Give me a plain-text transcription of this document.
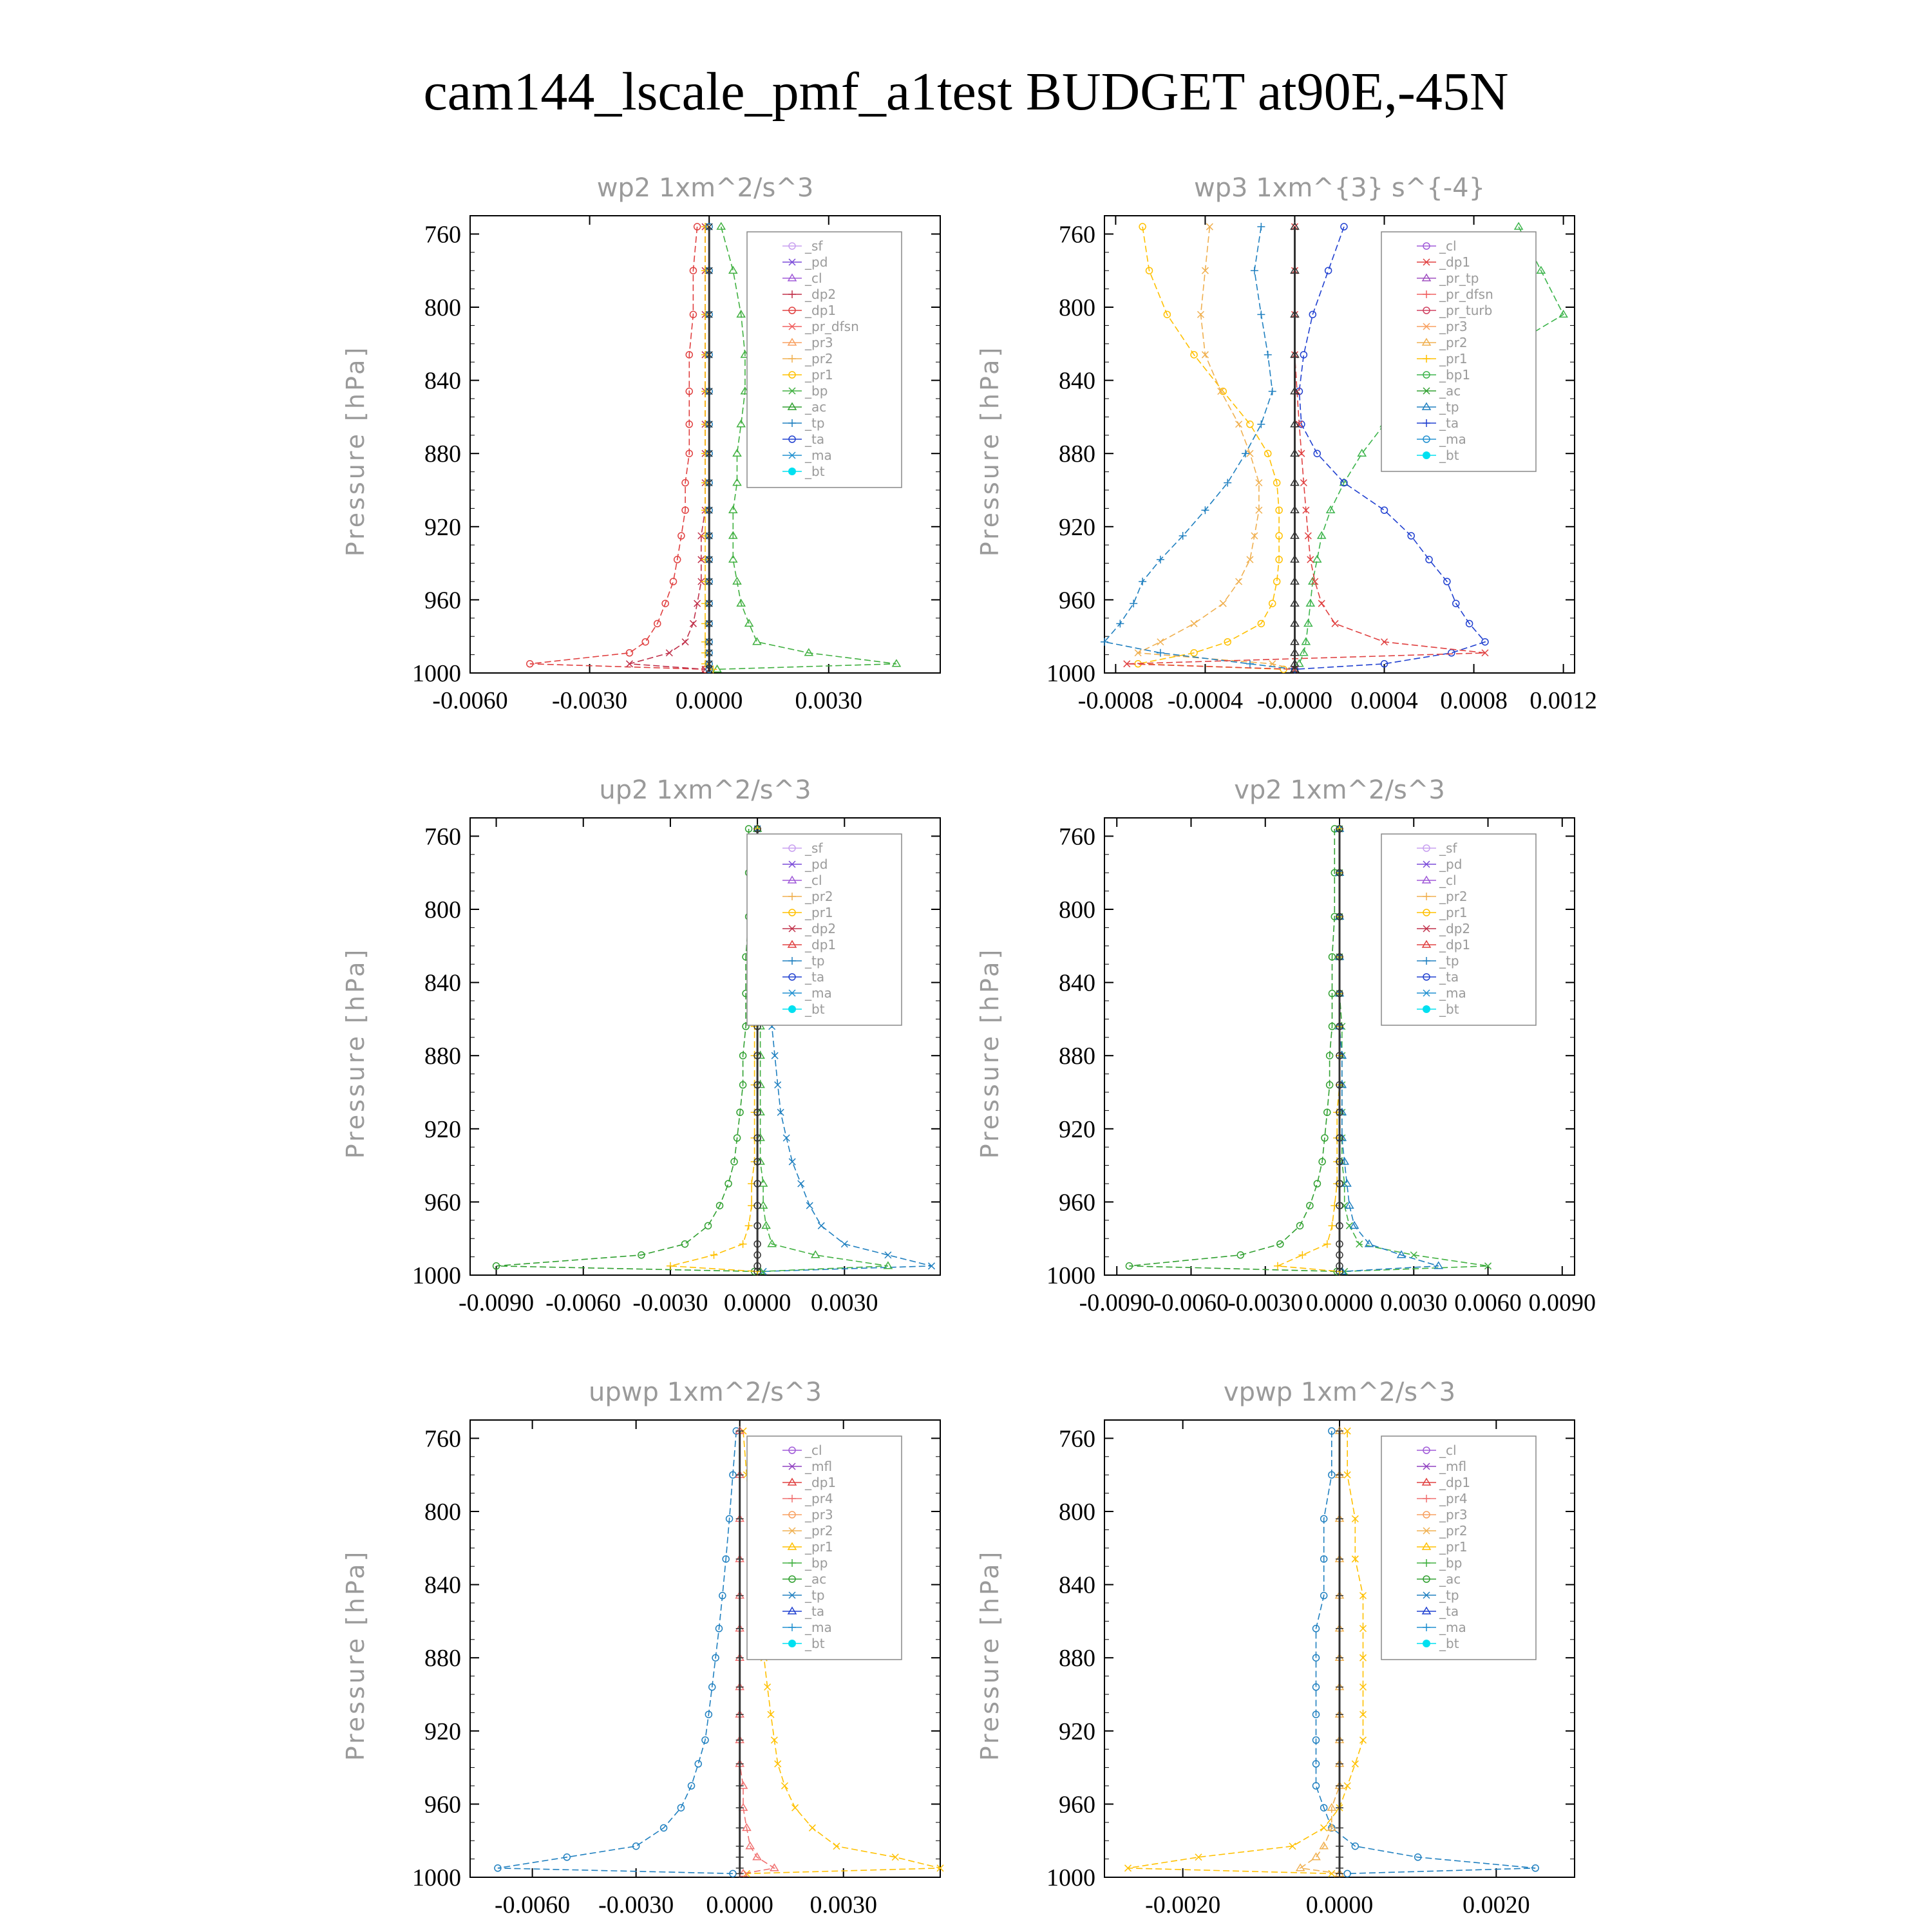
cam144_lscale_pmf_a1test BUDGET at90E,-45N
wp2 1xm^2/s^3
Pressure [hPa]
760
800
840
880
920
960
1000
-0.0060 -0.0030 0.0000 0.0030
_sf
_pd
_cl
_dp2
_dp1
_pr_dfsn
_pr3
_pr2
_pr1
_bp
_ac
_tp
_ta
_ma
_bt
wp3 1xm^{3} s^{-4}
Pressure [hPa]
760
800
840
880
920
960
1000
-0.0008 -0.0004 -0.0000 0.0004 0.0008 0.0012
_cl
_dp1
_pr_tp
_pr_dfsn
_pr_turb
_pr3
_pr2
_pr1
_bp1
_ac
_tp
_ta
_ma
_bt
up2 1xm^2/s^3
Pressure [hPa]
760
800
840
880
920
960
1000
-0.0090 -0.0060 -0.0030 0.0000 0.0030
_sf
_pd
_cl
_pr2
_pr1
_dp2
_dp1
_tp
_ta
_ma
_bt
vp2 1xm^2/s^3
Pressure [hPa]
760
800
840
880
920
960
1000
-0.0090
-0.0060
-0.0030 0.0000 0.0030 0.0060 0.0090
_sf
_pd
_cl
_pr2
_pr1
_dp2
_dp1
_tp
_ta
_ma
_bt
upwp 1xm^2/s^3
Pressure [hPa]
760
800
840
880
920
960
1000
-0.0060 -0.0030 0.0000 0.0030
_cl
_mfl
_dp1
_pr4
_pr3
_pr2
_pr1
_bp
_ac
_tp
_ta
_ma
_bt
vpwp 1xm^2/s^3
Pressure [hPa]
760
800
840
880
920
960
1000
-0.0020	0.0000	0.0020
_cl
_mfl
_dp1
_pr4
_pr3
_pr2
_pr1
_bp
_ac
_tp
_ta
_ma
_bt
